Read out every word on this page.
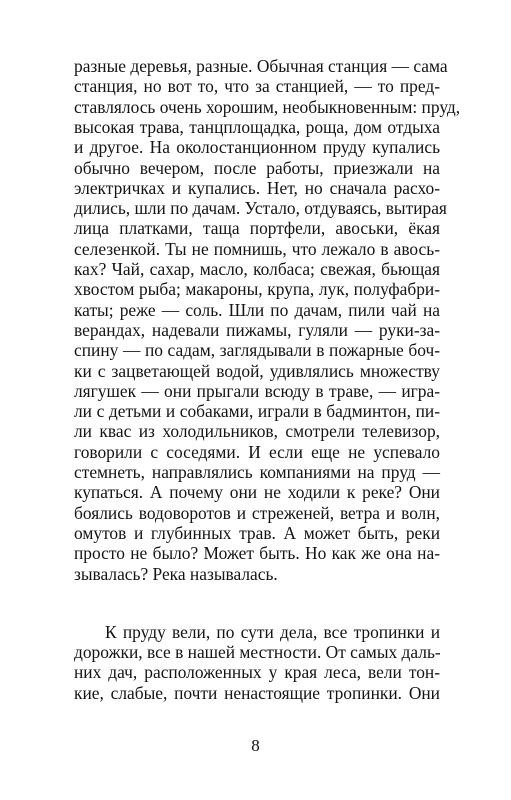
разные деревья, разные. Обычная станция — сама
станция, но вот то, что за станцией, — то пред-
ставлялось очень хорошим, необыкновенным: пруд,
высокая трава, танцплощадка, роща, дом отдыха
и другое. На околостанционном пруду купались
обычно вечером, после работы, приезжали на
электричках и купались. Нет, но сначала расхо-
дились, шли по дачам. Устало, отдуваясь, вытирая
лица платками, таща портфели, авоськи, ёкая
селезенкой. Ты не помнишь, что лежало в авось-
ках? Чай, сахар, масло, колбаса; свежая, бьющая
хвостом рыба; макароны, крупа, лук, полуфабри-
каты; реже — соль. Шли по дачам, пили чай на
верандах, надевали пижамы, гуляли — руки-за-
спину — по садам, заглядывали в пожарные боч-
ки с зацветающей водой, удивлялись множеству
лягушек — они прыгали всюду в траве, — игра-
ли с детьми и собаками, играли в бадминтон, пи-
ли квас из холодильников, смотрели телевизор,
говорили с соседями. И если еще не успевало
стемнеть, направлялись компаниями на пруд —
купаться. А почему они не ходили к реке? Они
боялись водоворотов и стреженей, ветра и волн,
омутов и глубинных трав. А может быть, реки
просто не было? Может быть. Но как же она на-
зывалась? Река называлась.
К пруду вели, по сути дела, все тропинки и
дорожки, все в нашей местности. От самых даль-
них дач, расположенных у края леса, вели тон-
кие, слабые, почти ненастоящие тропинки. Они
8
